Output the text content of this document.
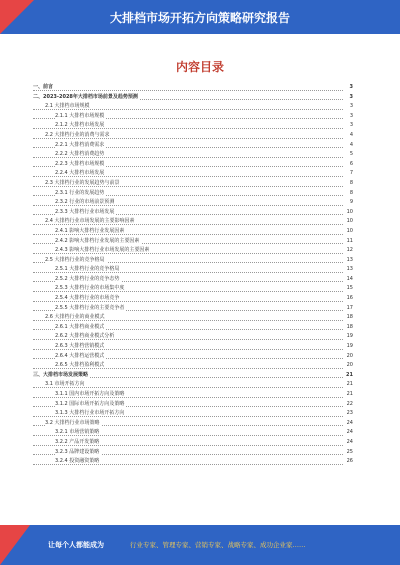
大排档市场开拓方向策略研究报告
内容目录
一、前言	3
二、2023-2028年大排档市场前景及趋势预测	3
2.1 大排档市场规模	3
2.1.1 大排档市场规模	3
2.1.2 大排档市场发展	3
2.2 大排档行业的消费与需求	4
2.2.1 大排档消费需求	4
2.2.2 大排档消费趋势	5
2.2.3 大排档市场规模	6
2.2.4 大排档市场发展	7
2.3 大排档行业的发展趋势与前景	8
2.3.1 行业的发展趋势	8
2.3.2 行业的市场前景预测	9
2.3.3 大排档行业市场发展	10
2.4 大排档行业市场发展的主要影响因素	10
2.4.1 影响大排档行业发展因素	10
2.4.2 影响大排档行业发展的主要因素	11
2.4.3 影响大排档行业市场发展的主要因素	12
2.5 大排档行业的竞争格局	13
2.5.1 大排档行业的竞争格局	13
2.5.2 大排档行业的竞争态势	14
2.5.3 大排档行业的市场集中度	15
2.5.4 大排档行业的市场竞争	16
2.5.5 大排档行业的主要竞争者	17
2.6 大排档行业的商业模式	18
2.6.1 大排档商业模式	18
2.6.2 大排档商业模式分析	19
2.6.3 大排档营销模式	19
2.6.4 大排档运营模式	20
2.6.5 大排档盈利模式	20
三、大排档市场发展策略	21
3.1 市场开拓方向	21
3.1.1 国内市场开拓方向及策略	21
3.1.2 国际市场开拓方向及策略	22
3.1.3 大排档行业市场开拓方向	23
3.2 大排档行业市场策略	24
3.2.1 市场营销策略	24
3.2.2 产品开发策略	24
3.2.3 品牌建设策略	25
3.2.4 投资融资策略	26
让每个人都能成为	行业专家、管理专家、营销专家、战略专家、成功企业家……
